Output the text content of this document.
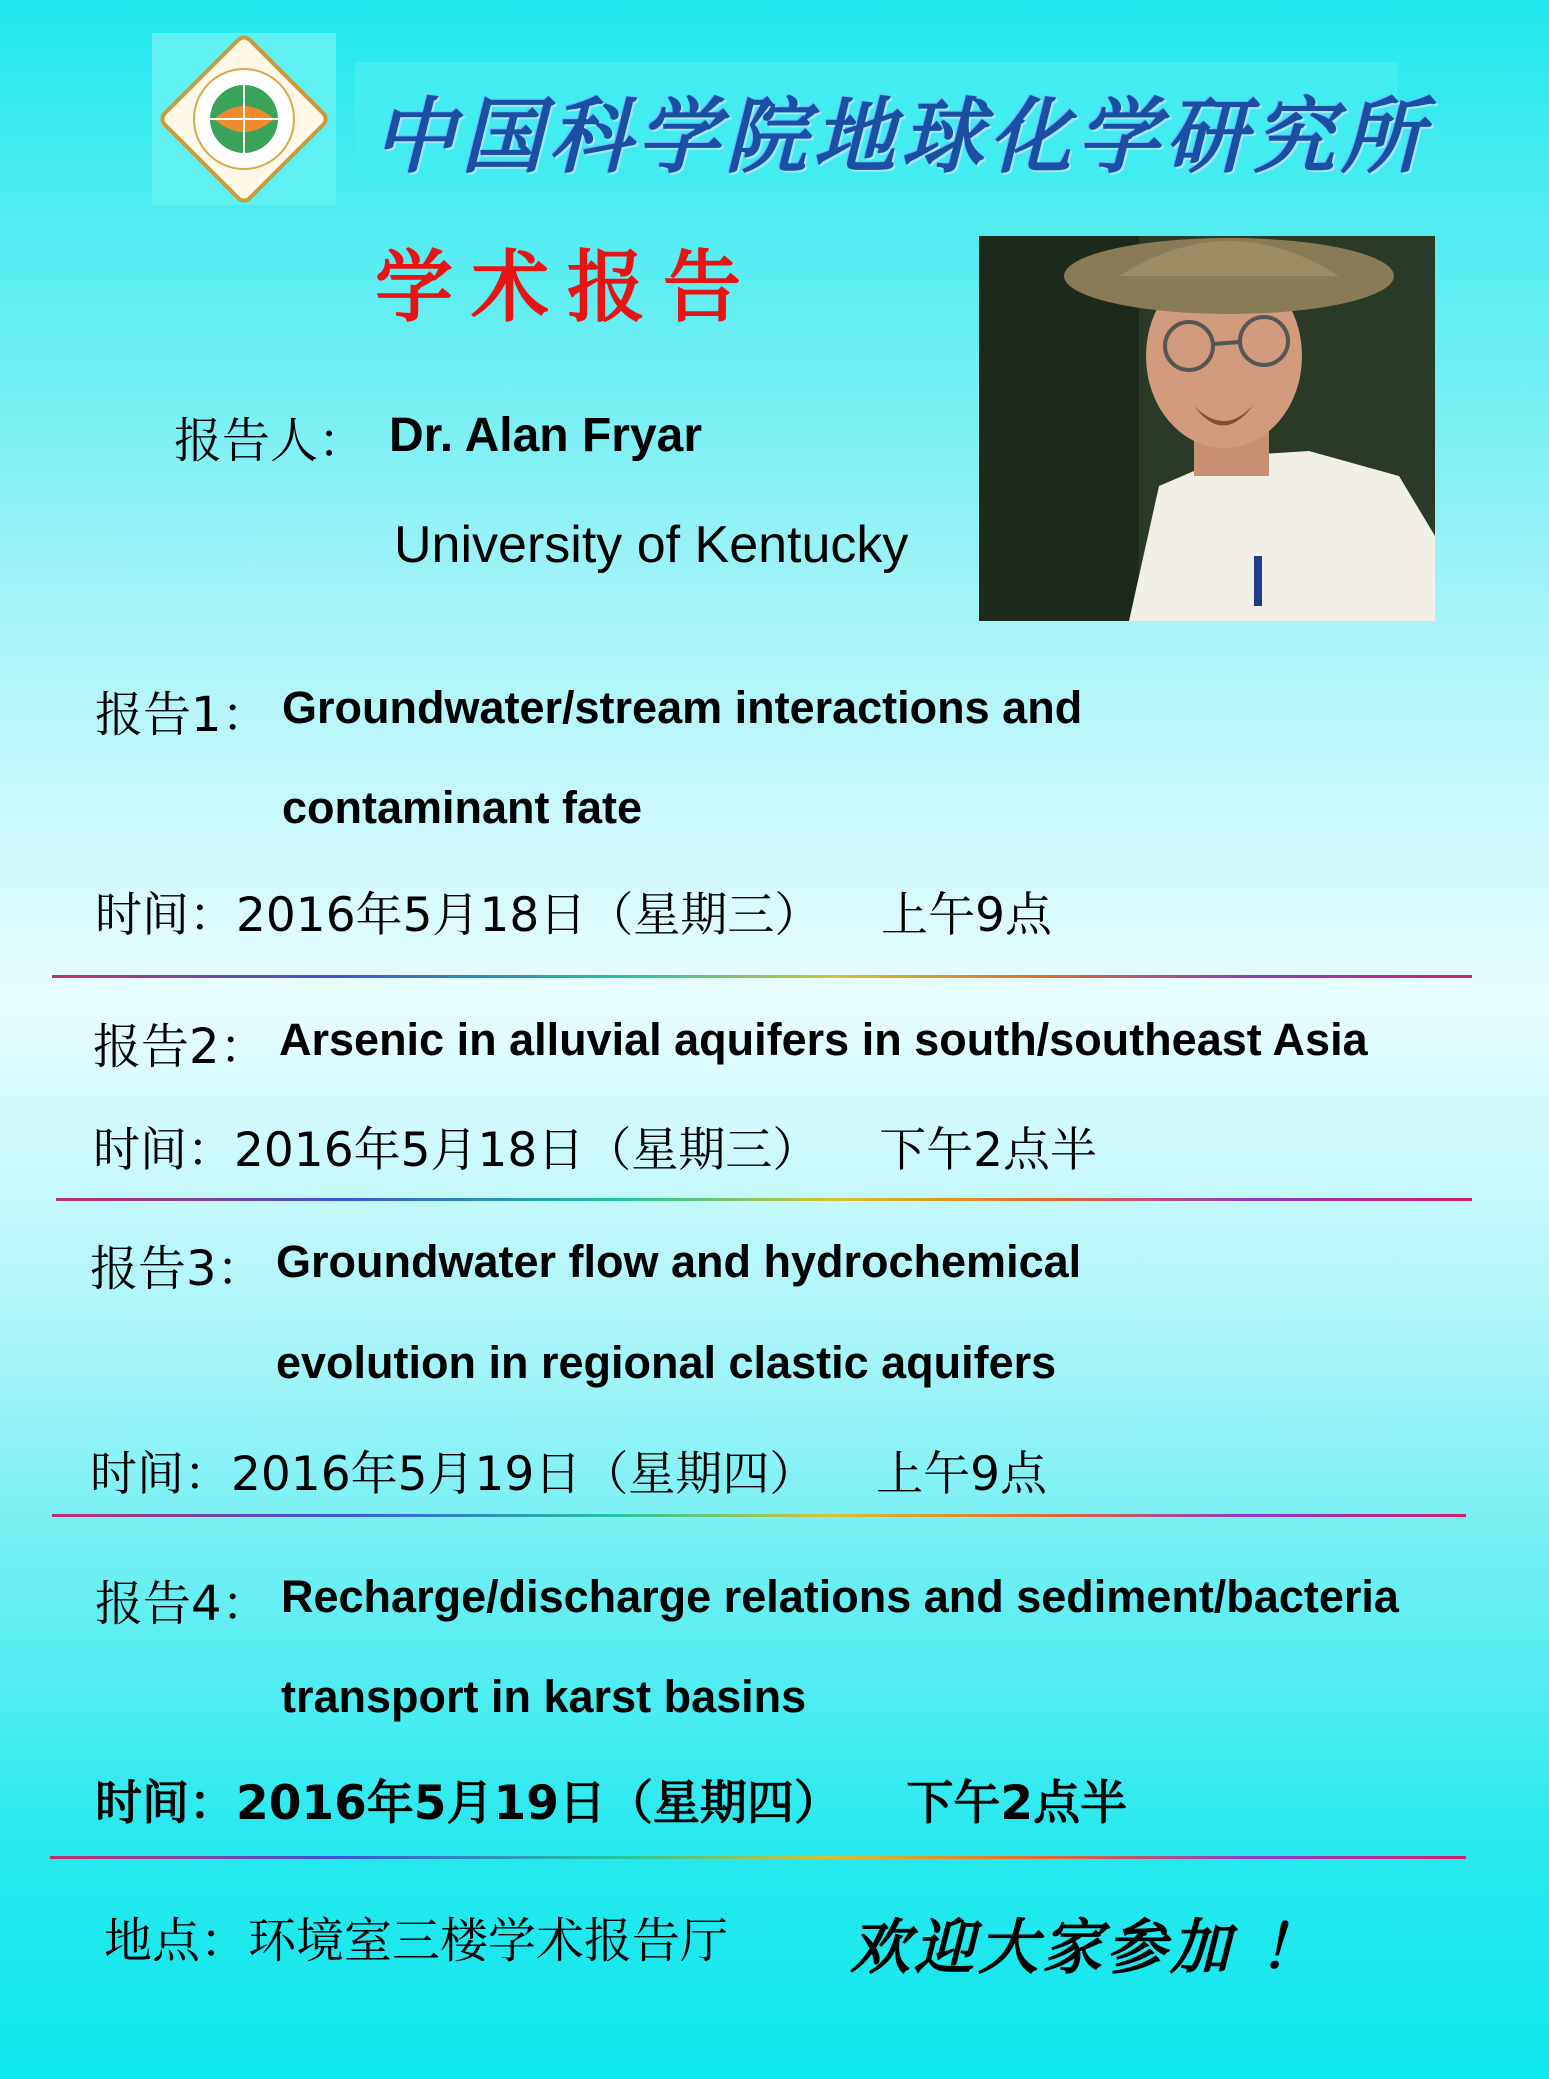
中国科学院地球化学研究所
学术报告
报告人： Dr. Alan Fryar
University of Kentucky
报告1： Groundwater/stream interactions and
contaminant fate
时间：2016年5月18日（星期三）    上午9点
报告2： Arsenic in alluvial aquifers in south/southeast Asia
时间：2016年5月18日（星期三）    下午2点半
报告3： Groundwater flow and hydrochemical
evolution in regional clastic aquifers
时间：2016年5月19日（星期四）    上午9点
报告4： Recharge/discharge relations and sediment/bacteria
transport in karst basins
时间：2016年5月19日（星期四）    下午2点半
地点：环境室三楼学术报告厅 欢迎大家参加 ！
